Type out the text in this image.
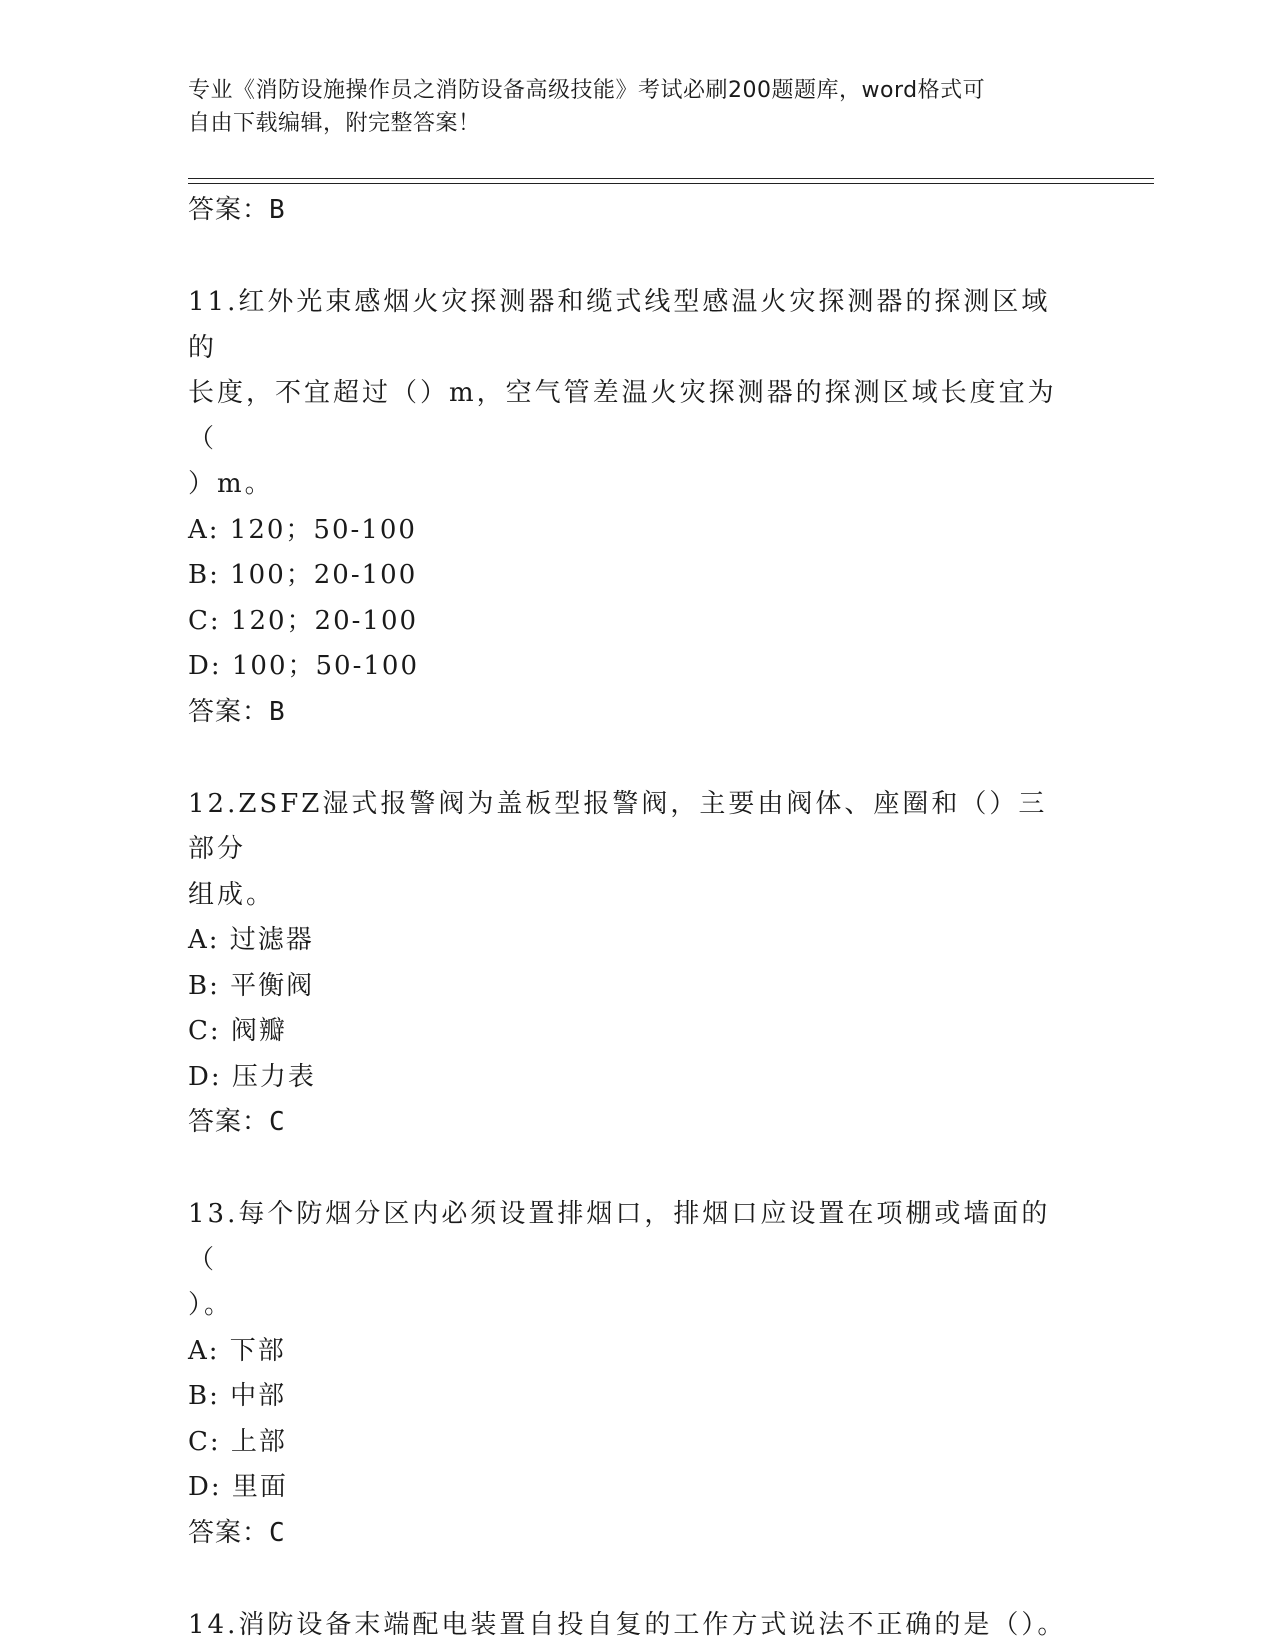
专业《消防设施操作员之消防设备高级技能》考试必刷200题题库，word格式可
自由下载编辑，附完整答案！
答案：B
11.红外光束感烟火灾探测器和缆式线型感温火灾探测器的探测区域的
长度，不宜超过（）m，空气管差温火灾探测器的探测区域长度宜为（
）m。
A: 120；50-100
B: 100；20-100
C: 120；20-100
D: 100；50-100
答案：B
12.ZSFZ湿式报警阀为盖板型报警阀，主要由阀体、座圈和（）三部分
组成。
A: 过滤器
B: 平衡阀
C: 阀瓣
D: 压力表
答案：C
13.每个防烟分区内必须设置排烟口，排烟口应设置在项棚或墙面的（
）。
A: 下部
B: 中部
C: 上部
D: 里面
答案：C
14.消防设备末端配电装置自投自复的工作方式说法不正确的是（）。
